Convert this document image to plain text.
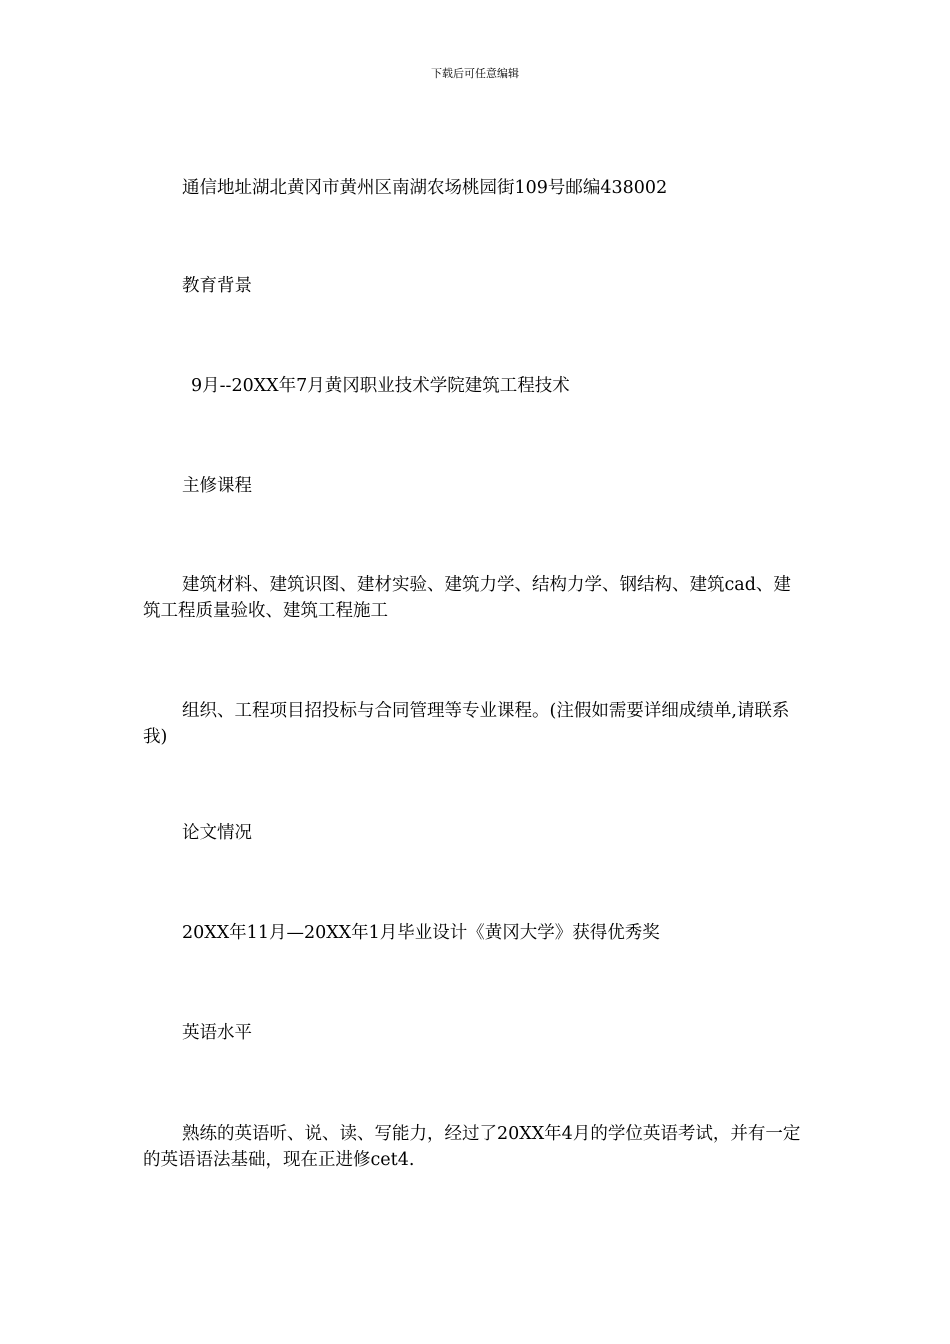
下载后可任意编辑

通信地址湖北黄冈市黄州区南湖农场桃园街109号邮编438002

教育背景

9月--20XX年7月黄冈职业技术学院建筑工程技术

主修课程

建筑材料、建筑识图、建材实验、建筑力学、结构力学、钢结构、建筑cad、建筑工程质量验收、建筑工程施工

组织、工程项目招投标与合同管理等专业课程。(注假如需要详细成绩单,请联系我)

论文情况

20XX年11月—20XX年1月毕业设计《黄冈大学》获得优秀奖

英语水平

熟练的英语听、说、读、写能力，经过了20XX年4月的学位英语考试，并有一定的英语语法基础，现在正进修cet4.
